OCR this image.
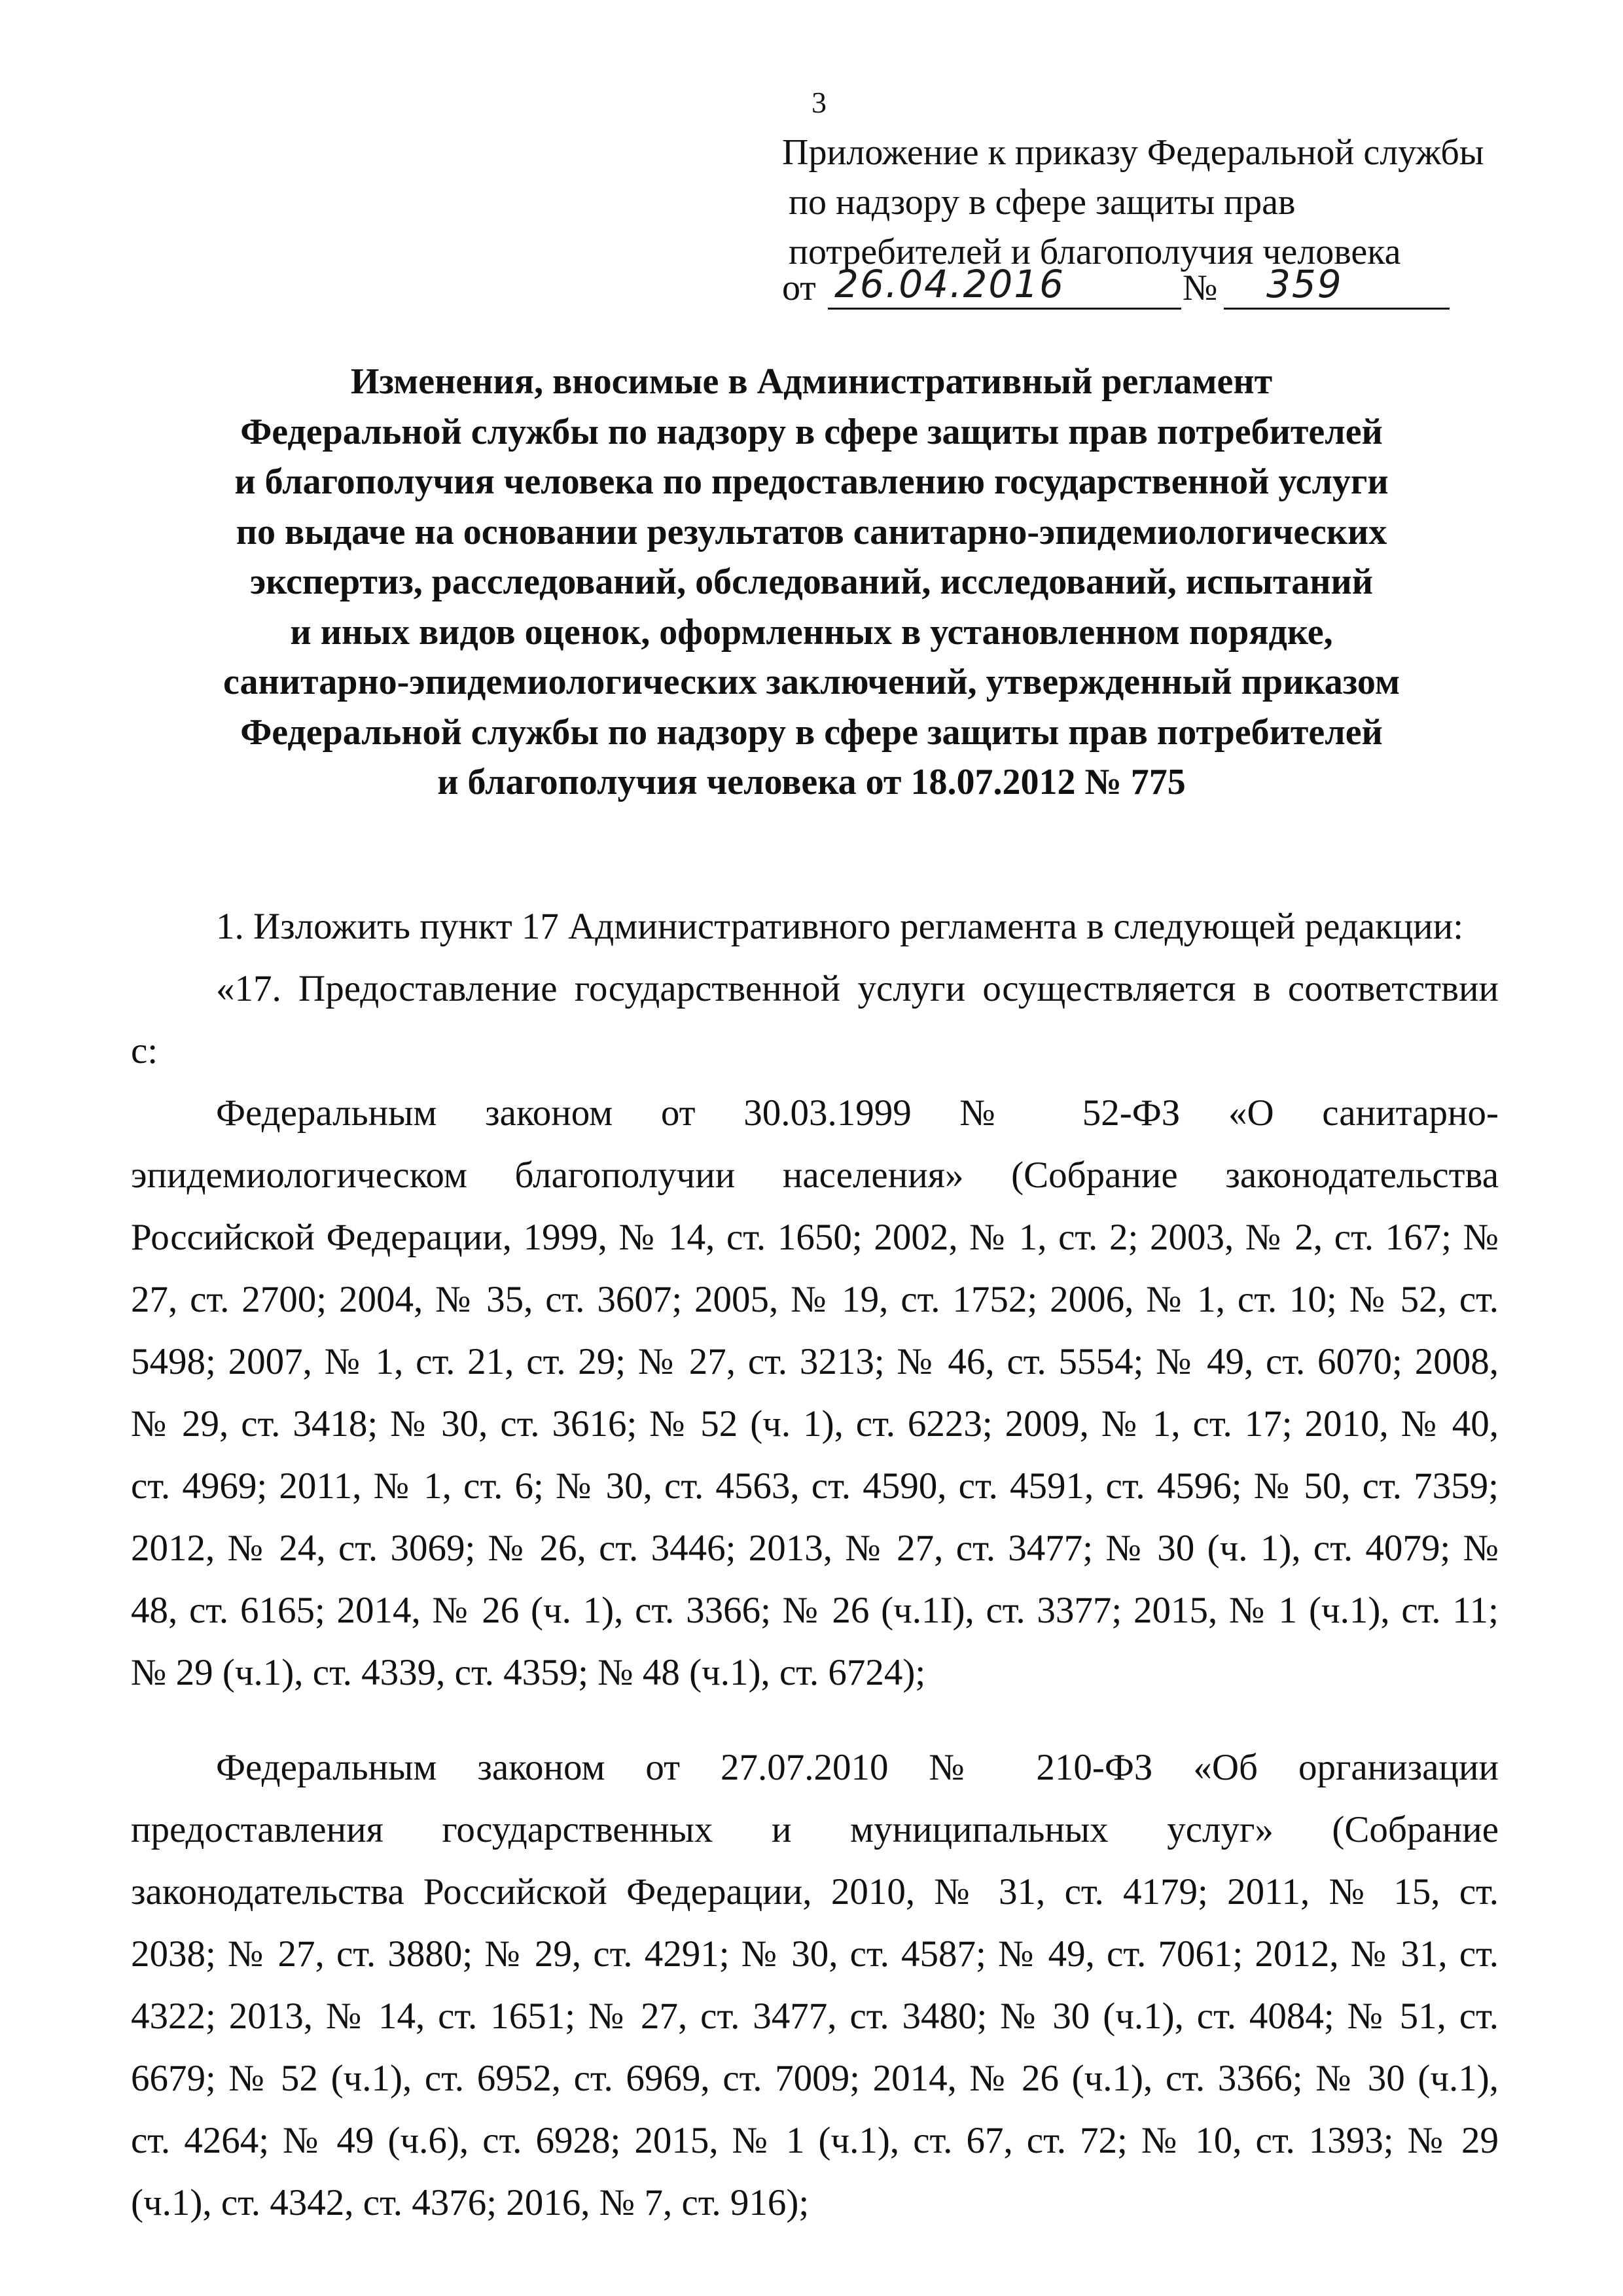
3
Приложение к приказу Федеральной службы
по надзору в сфере защиты прав
потребителей и благополучия человека
от 26.04.2016	№ 359
Изменения, вносимые в Административный регламент
Федеральной службы по надзору в сфере защиты прав потребителей
и благополучия человека по предоставлению государственной услуги
по выдаче на основании результатов санитарно-эпидемиологических
экспертиз, расследований, обследований, исследований, испытаний
и иных видов оценок, оформленных в установленном порядке,
санитарно-эпидемиологических заключений, утвержденный приказом
Федеральной службы по надзору в сфере защиты прав потребителей
и благополучия человека от 18.07.2012 № 775
1. Изложить пункт 17 Административного регламента в следующей редакции:
«17. Предоставление государственной услуги осуществляется в соответствии
с:
Федеральным законом от 30.03.1999 № 52-ФЗ «О санитарно-
эпидемиологическом благополучии населения» (Собрание законодательства
Российской Федерации, 1999, № 14, ст. 1650; 2002, № 1, ст. 2; 2003, № 2, ст. 167; №
27, ст. 2700; 2004, № 35, ст. 3607; 2005, № 19, ст. 1752; 2006, № 1, ст. 10; № 52, ст.
5498; 2007, № 1, ст. 21, ст. 29; № 27, ст. 3213; № 46, ст. 5554; № 49, ст. 6070; 2008,
№ 29, ст. 3418; № 30, ст. 3616; № 52 (ч. 1), ст. 6223; 2009, № 1, ст. 17; 2010, № 40,
ст. 4969; 2011, № 1, ст. 6; № 30, ст. 4563, ст. 4590, ст. 4591, ст. 4596; № 50, ст. 7359;
2012, № 24, ст. 3069; № 26, ст. 3446; 2013, № 27, ст. 3477; № 30 (ч. 1), ст. 4079; №
48, ст. 6165; 2014, № 26 (ч. 1), ст. 3366; № 26 (ч.1I), ст. 3377; 2015, № 1 (ч.1), ст. 11;
№ 29 (ч.1), ст. 4339, ст. 4359; № 48 (ч.1), ст. 6724);
Федеральным законом от 27.07.2010 № 210-ФЗ «Об организации
предоставления государственных и муниципальных услуг» (Собрание
законодательства Российской Федерации, 2010, № 31, ст. 4179; 2011, № 15, ст.
2038; № 27, ст. 3880; № 29, ст. 4291; № 30, ст. 4587; № 49, ст. 7061; 2012, № 31, ст.
4322; 2013, № 14, ст. 1651; № 27, ст. 3477, ст. 3480; № 30 (ч.1), ст. 4084; № 51, ст.
6679; № 52 (ч.1), ст. 6952, ст. 6969, ст. 7009; 2014, № 26 (ч.1), ст. 3366; № 30 (ч.1),
ст. 4264; № 49 (ч.6), ст. 6928; 2015, № 1 (ч.1), ст. 67, ст. 72; № 10, ст. 1393; № 29
(ч.1), ст. 4342, ст. 4376; 2016, № 7, ст. 916);
